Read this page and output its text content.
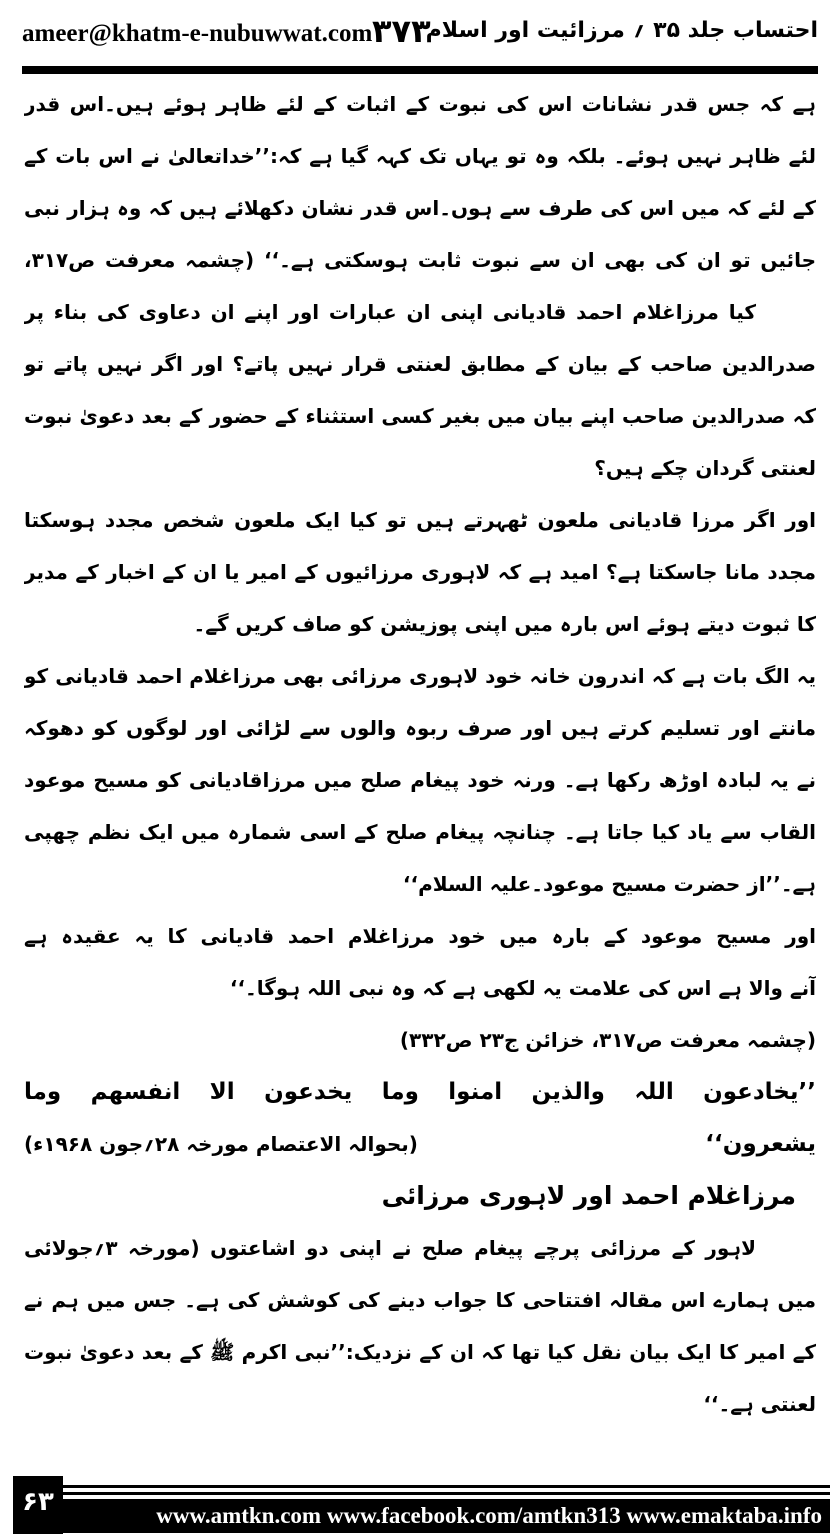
ameer@khatm-e-nubuwwat.com ۳۷۳
احتساب جلد ۳۵ ؍ مرزائیت اور اسلام
ہے کہ جس قدر نشانات اس کی نبوت کے اثبات کے لئے ظاہر ہوئے ہیں۔اس قدر
لئے ظاہر نہیں ہوئے۔ بلکہ وہ تو یہاں تک کہہ گیا ہے کہ:’’خداتعالیٰ نے اس بات کے
کے لئے کہ میں اس کی طرف سے ہوں۔اس قدر نشان دکھلائے ہیں کہ وہ ہزار نبی
جائیں تو ان کی بھی ان سے نبوت ثابت ہوسکتی ہے۔‘‘ (چشمہ معرفت ص۳۱۷،
کیا مرزاغلام احمد قادیانی اپنی ان عبارات اور اپنے ان دعاوی کی بناء پر
صدرالدین صاحب کے بیان کے مطابق لعنتی قرار نہیں پاتے؟ اور اگر نہیں پاتے تو
کہ صدرالدین صاحب اپنے بیان میں بغیر کسی استثناء کے حضور کے بعد دعویٰ نبوت
لعنتی گردان چکے ہیں؟
اور اگر مرزا قادیانی ملعون ٹھہرتے ہیں تو کیا ایک ملعون شخص مجدد ہوسکتا
مجدد مانا جاسکتا ہے؟ امید ہے کہ لاہوری مرزائیوں کے امیر یا ان کے اخبار کے مدیر
کا ثبوت دیتے ہوئے اس بارہ میں اپنی پوزیشن کو صاف کریں گے۔
یہ الگ بات ہے کہ اندرون خانہ خود لاہوری مرزائی بھی مرزاغلام احمد قادیانی کو
مانتے اور تسلیم کرتے ہیں اور صرف ربوہ والوں سے لڑائی اور لوگوں کو دھوکہ
نے یہ لبادہ اوڑھ رکھا ہے۔ ورنہ خود پیغام صلح میں مرزاقادیانی کو مسیح موعود
القاب سے یاد کیا جاتا ہے۔ چنانچہ پیغام صلح کے اسی شمارہ میں ایک نظم چھپی
ہے۔’’از حضرت مسیح موعود۔علیہ السلام‘‘
اور مسیح موعود کے بارہ میں خود مرزاغلام احمد قادیانی کا یہ عقیدہ ہے
آنے والا ہے اس کی علامت یہ لکھی ہے کہ وہ نبی اللہ ہوگا۔‘‘
(چشمہ معرفت ص۳۱۷، خزائن ج۲۳ ص۳۳۲)
’’یخادعون اللہ والذین امنوا وما یخدعون الا انفسهم وما
یشعرون‘‘
(بحوالہ الاعتصام مورخہ ۲۸؍جون ۱۹۶۸ء)
مرزاغلام احمد اور لاہوری مرزائی
لاہور کے مرزائی پرچے پیغام صلح نے اپنی دو اشاعتوں (مورخہ ۳؍جولائی
میں ہمارے اس مقالہ افتتاحی کا جواب دینے کی کوشش کی ہے۔ جس میں ہم نے
کے امیر کا ایک بیان نقل کیا تھا کہ ان کے نزدیک:’’نبی اکرم ﷺ کے بعد دعویٰ نبوت
لعنتی ہے۔‘‘
۶۳	www.amtkn.com www.facebook.com/amtkn313 www.emaktaba.info
